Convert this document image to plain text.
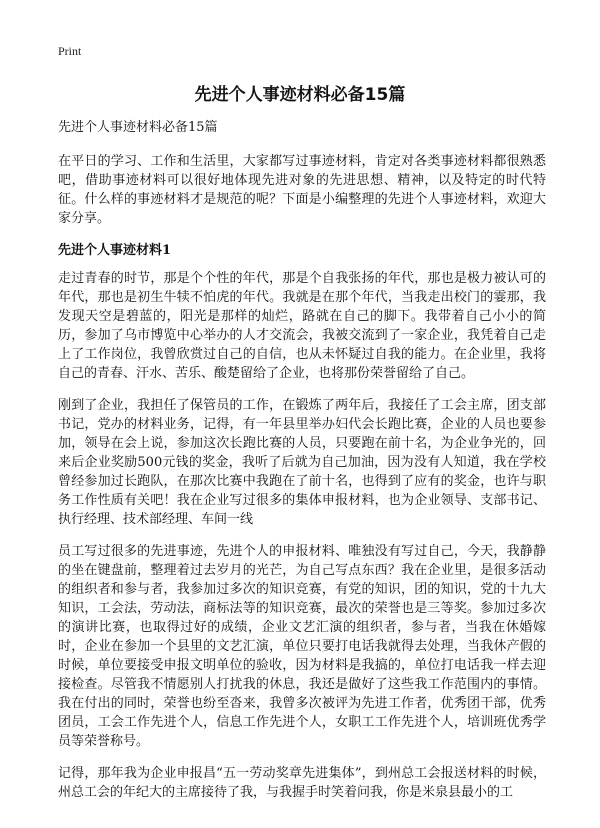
Print
先进个人事迹材料必备15篇

先进个人事迹材料必备15篇

在平日的学习、工作和生活里，大家都写过事迹材料，肯定对各类事迹材料都很熟悉吧，借助事迹材料可以很好地体现先进对象的先进思想、精神，以及特定的时代特征。什么样的事迹材料才是规范的呢？下面是小编整理的先进个人事迹材料，欢迎大家分享。

先进个人事迹材料1

走过青春的时节，那是个个性的年代，那是个自我张扬的年代，那也是极力被认可的年代，那也是初生牛犊不怕虎的年代。我就是在那个年代，当我走出校门的霎那，我发现天空是碧蓝的，阳光是那样的灿烂，路就在自己的脚下。我带着自己小小的简历，参加了乌市博览中心举办的人才交流会，我被交流到了一家企业，我凭着自己走上了工作岗位，我曾欣赏过自己的自信，也从未怀疑过自我的能力。在企业里，我将自己的青春、汗水、苦乐、酸楚留给了企业，也将那份荣誉留给了自己。

刚到了企业，我担任了保管员的工作，在锻炼了两年后，我接任了工会主席，团支部书记，党办的材料业务，记得，有一年县里举办妇代会长跑比赛，企业的人员也要参加，领导在会上说，参加这次长跑比赛的人员，只要跑在前十名，为企业争光的，回来后企业奖励500元钱的奖金，我听了后就为自己加油，因为没有人知道，我在学校曾经参加过长跑队，在那次比赛中我跑在了前十名，也得到了应有的奖金，也许与职务工作性质有关吧！我在企业写过很多的集体申报材料，也为企业领导、支部书记、执行经理、技术部经理、车间一线

员工写过很多的先进事迹，先进个人的申报材料、唯独没有写过自己，今天，我静静的坐在键盘前，整理着过去岁月的光芒，为自己写点东西？我在企业里，是很多活动的组织者和参与者，我参加过多次的知识竞赛，有党的知识，团的知识，党的十九大知识，工会法，劳动法，商标法等的知识竞赛，最次的荣誉也是三等奖。参加过多次的演讲比赛，也取得过好的成绩，企业文艺汇演的组织者，参与者，当我在休婚嫁时，企业在参加一个县里的文艺汇演，单位只要打电话我就得去处理，当我休产假的时候，单位要接受申报文明单位的验收，因为材料是我搞的，单位打电话我一样去迎接检查。尽管我不情愿别人打扰我的休息，我还是做好了这些我工作范围内的事情。我在付出的同时，荣誉也纷至沓来，我曾多次被评为先进工作者，优秀团干部，优秀团员，工会工作先进个人，信息工作先进个人，女职工工作先进个人，培训班优秀学员等荣誉称号。

记得，那年我为企业申报昌“五一劳动奖章先进集体”，到州总工会报送材料的时候，州总工会的年纪大的主席接待了我，与我握手时笑着问我，你是米泉县最小的工
